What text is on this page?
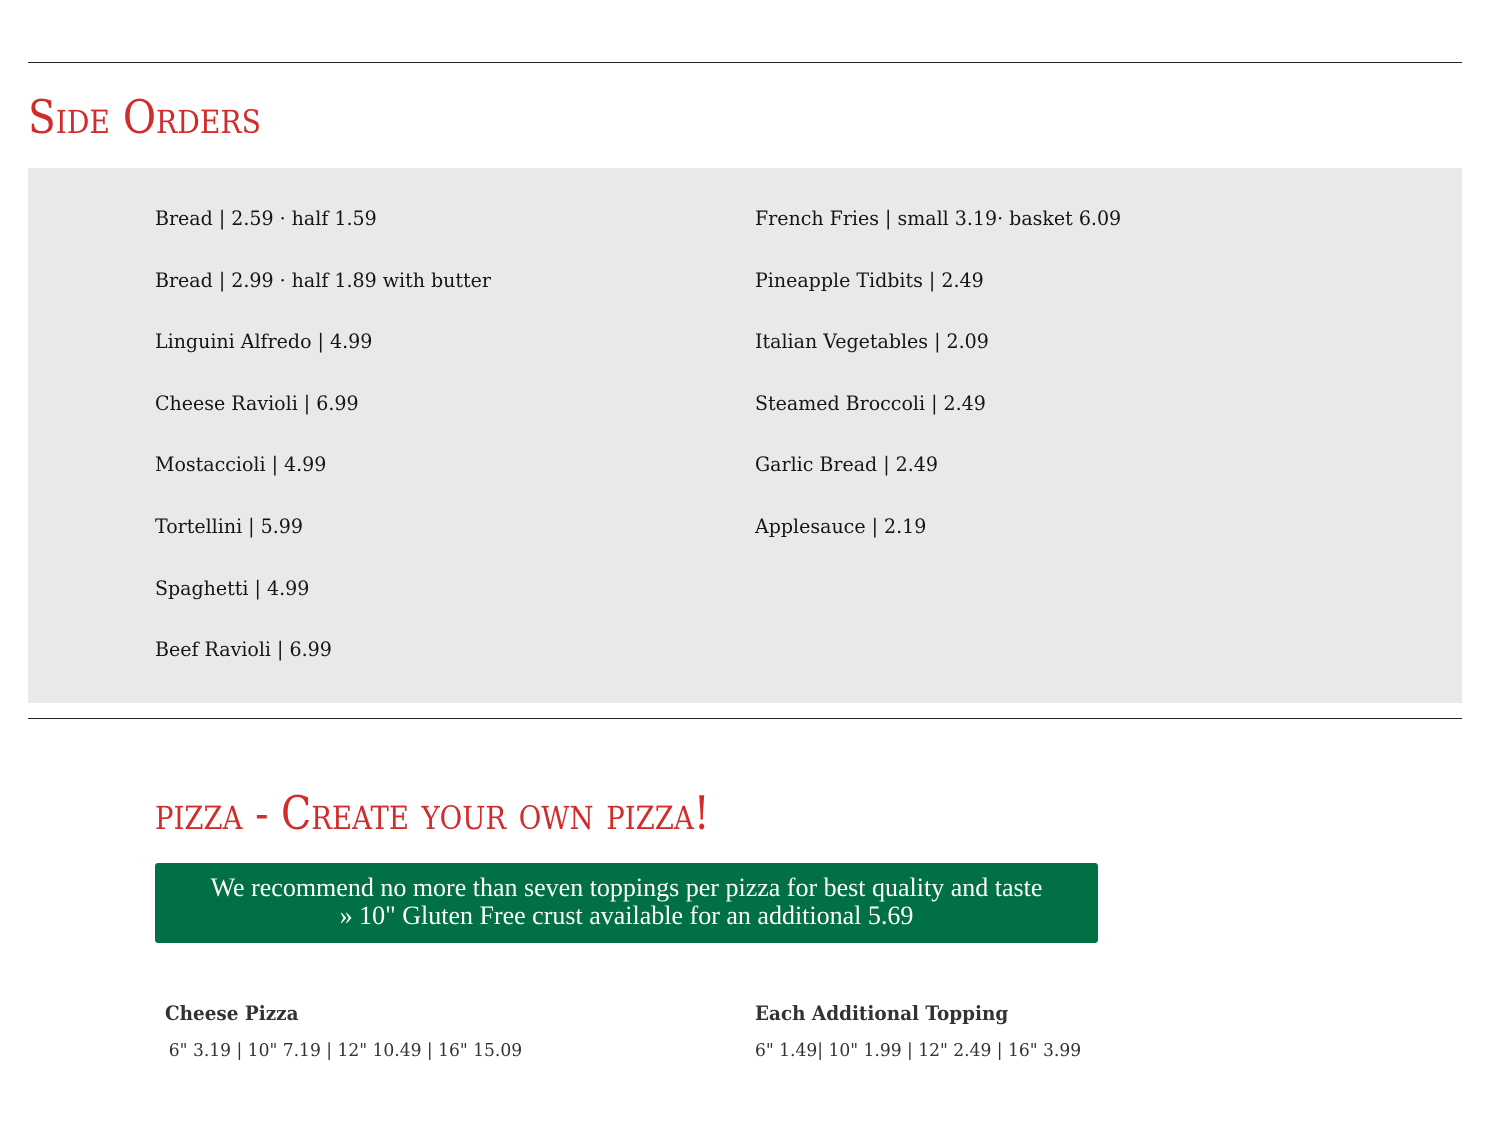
Side Orders
Bread | 2.59 · half 1.59
Bread | 2.99 · half 1.89 with butter
Linguini Alfredo | 4.99
Cheese Ravioli | 6.99
Mostaccioli | 4.99
Tortellini | 5.99
Spaghetti | 4.99
Beef Ravioli | 6.99
French Fries | small 3.19· basket 6.09
Pineapple Tidbits | 2.49
Italian Vegetables | 2.09
Steamed Broccoli | 2.49
Garlic Bread | 2.49
Applesauce | 2.19
pizza - Create your own pizza!
We recommend no more than seven toppings per pizza for best quality and taste
» 10" Gluten Free crust available for an additional 5.69
Cheese Pizza
6" 3.19 | 10" 7.19 | 12" 10.49 | 16" 15.09
Each Additional Topping
6" 1.49| 10" 1.99 | 12" 2.49 | 16" 3.99
